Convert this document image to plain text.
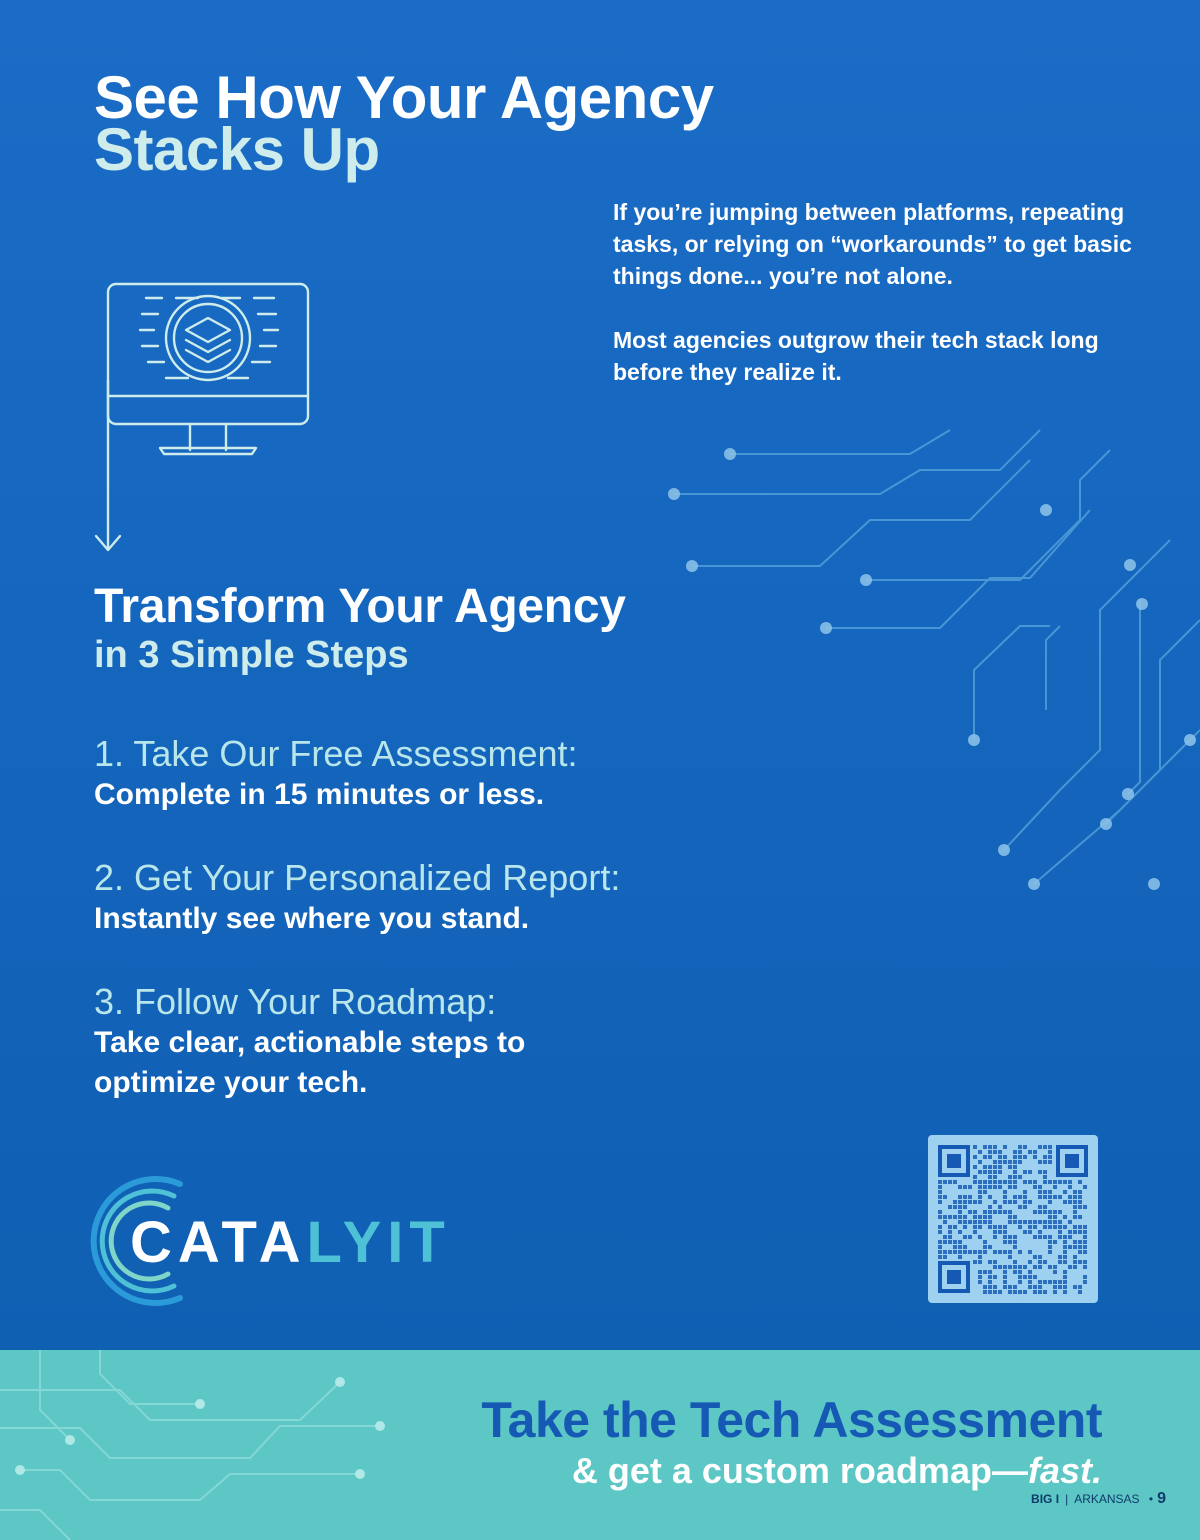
See How Your Agency
Stacks Up

If you’re jumping between platforms, repeating tasks, or relying on “workarounds” to get basic things done... you’re not alone.

Most agencies outgrow their tech stack long before they realize it.

Transform Your Agency
in 3 Simple Steps
1. Take Our Free Assessment:
Complete in 15 minutes or less.
2. Get Your Personalized Report:
Instantly see where you stand.
3. Follow Your Roadmap:
Take clear, actionable steps to optimize your tech.
CATALYIT
Take the Tech Assessment
& get a custom roadmap—fast.
BIG I | ARKANSAS • 9
